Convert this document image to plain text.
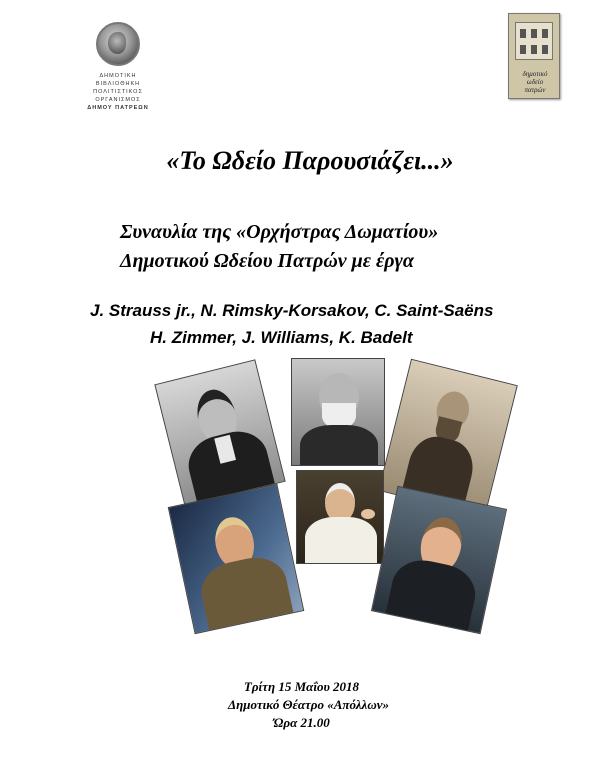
ΔΗΜΟΤΙΚΗ ΒΙΒΛΙΟΘΗΚΗ
ΠΟΛΙΤΙΣΤΙΚΟΣ
ΟΡΓΑΝΙΣΜΟΣ
ΔΗΜΟΥ ΠΑΤΡΕΩΝ
δημοτικό
ωδείο
πατρών
«Το Ωδείο Παρουσιάζει...»
Συναυλία της «Ορχήστρας Δωματίου»
Δημοτικού Ωδείου Πατρών με έργα
J. Strauss jr., N. Rimsky-Korsakov, C. Saint-Saëns
H. Zimmer, J. Williams, K. Badelt
Τρίτη 15 Μαΐου 2018
Δημοτικό Θέατρο «Απόλλων»
Ώρα 21.00
